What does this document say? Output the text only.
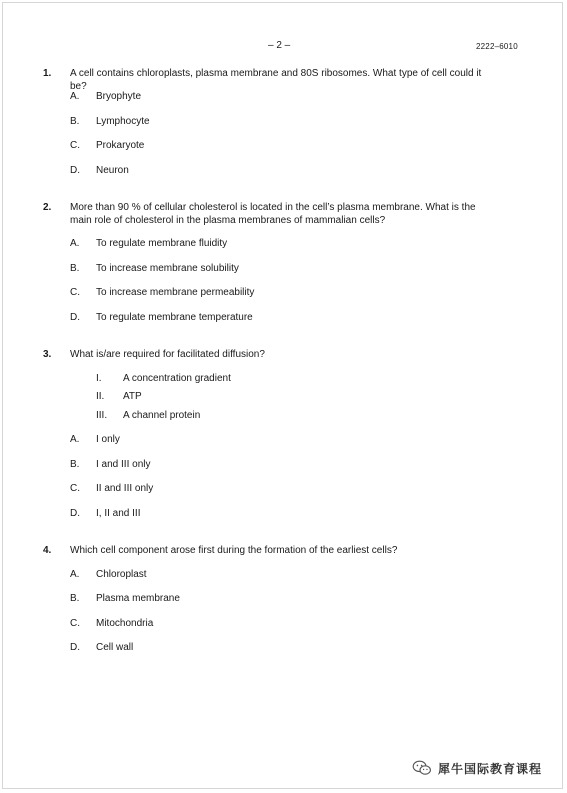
– 2 –	2222–6010
1. A cell contains chloroplasts, plasma membrane and 80S ribosomes. What type of cell could it be?
A. Bryophyte
B. Lymphocyte
C. Prokaryote
D. Neuron
2. More than 90 % of cellular cholesterol is located in the cell’s plasma membrane. What is the main role of cholesterol in the plasma membranes of mammalian cells?
A. To regulate membrane fluidity
B. To increase membrane solubility
C. To increase membrane permeability
D. To regulate membrane temperature
3. What is/are required for facilitated diffusion?
I. A concentration gradient
II. ATP
III. A channel protein
A. I only
B. I and III only
C. II and III only
D. I, II and III
4. Which cell component arose first during the formation of the earliest cells?
A. Chloroplast
B. Plasma membrane
C. Mitochondria
D. Cell wall
犀牛国际教育课程
